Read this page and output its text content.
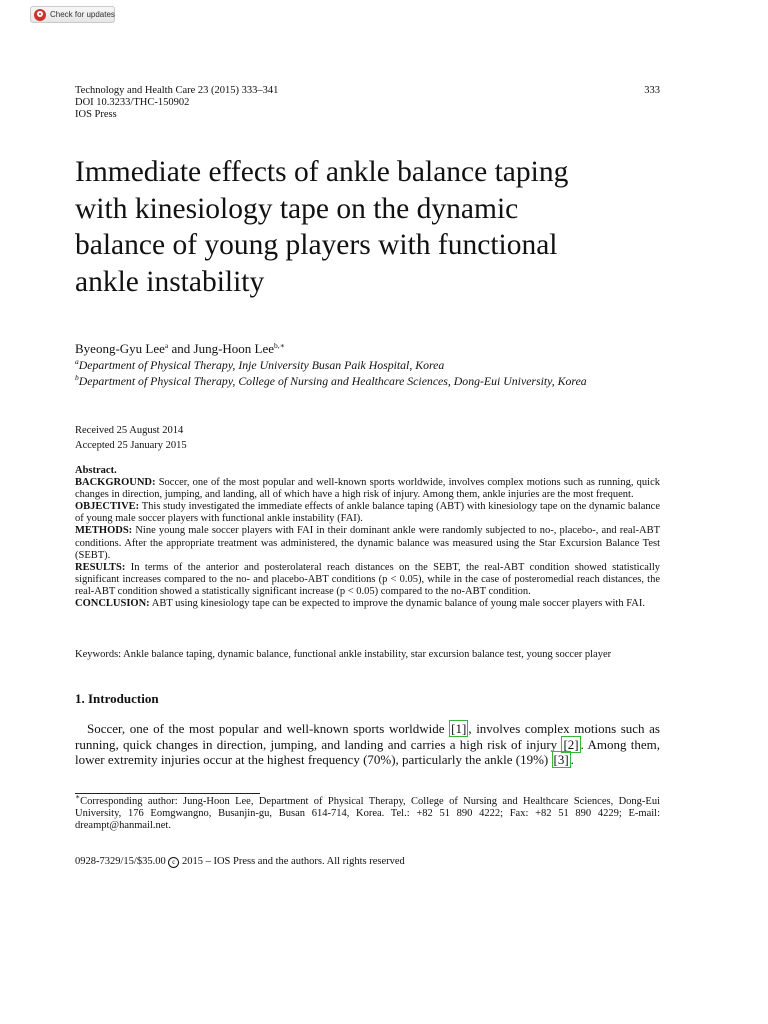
Check for updates
Technology and Health Care 23 (2015) 333–341
DOI 10.3233/THC-150902
IOS Press
333
Immediate effects of ankle balance taping
with kinesiology tape on the dynamic
balance of young players with functional
ankle instability
Byeong-Gyu Lee$^a$ and Jung-Hoon Lee$^{b,∗}$
$^a$Department of Physical Therapy, Inje University Busan Paik Hospital, Korea
$^b$Department of Physical Therapy, College of Nursing and Healthcare Sciences, Dong-Eui University, Korea
Received 25 August 2014
Accepted 25 January 2015
Abstract.
BACKGROUND: Soccer, one of the most popular and well-known sports worldwide, involves complex motions such as running, quick changes in direction, jumping, and landing, all of which have a high risk of injury. Among them, ankle injuries are the most frequent.
OBJECTIVE: This study investigated the immediate effects of ankle balance taping (ABT) with kinesiology tape on the dynamic balance of young male soccer players with functional ankle instability (FAI).
METHODS: Nine young male soccer players with FAI in their dominant ankle were randomly subjected to no-, placebo-, and real-ABT conditions. After the appropriate treatment was administered, the dynamic balance was measured using the Star Excursion Balance Test (SEBT).
RESULTS: In terms of the anterior and posterolateral reach distances on the SEBT, the real-ABT condition showed statistically significant increases compared to the no- and placebo-ABT conditions (p < 0.05), while in the case of posteromedial reach distances, the real-ABT condition showed a statistically significant increase (p < 0.05) compared to the no-ABT condition.
CONCLUSION: ABT using kinesiology tape can be expected to improve the dynamic balance of young male soccer players with FAI.
Keywords: Ankle balance taping, dynamic balance, functional ankle instability, star excursion balance test, young soccer player
1. Introduction

Soccer, one of the most popular and well-known sports worldwide [1] , involves complex motions such as running, quick changes in direction, jumping, and landing and carries a high risk of injury [2] . Among them, lower extremity injuries occur at the highest frequency (70%), particularly the ankle (19%) [3] .

∗Corresponding author: Jung-Hoon Lee, Department of Physical Therapy, College of Nursing and Healthcare Sciences, Dong-Eui University, 176 Eomgwangno, Busanjin-gu, Busan 614-714, Korea. Tel.: +82 51 890 4222; Fax: +82 51 890 4229; E-mail: dreampt@hanmail.net.
0928-7329/15/$35.00 c 2015 – IOS Press and the authors. All rights reserved
